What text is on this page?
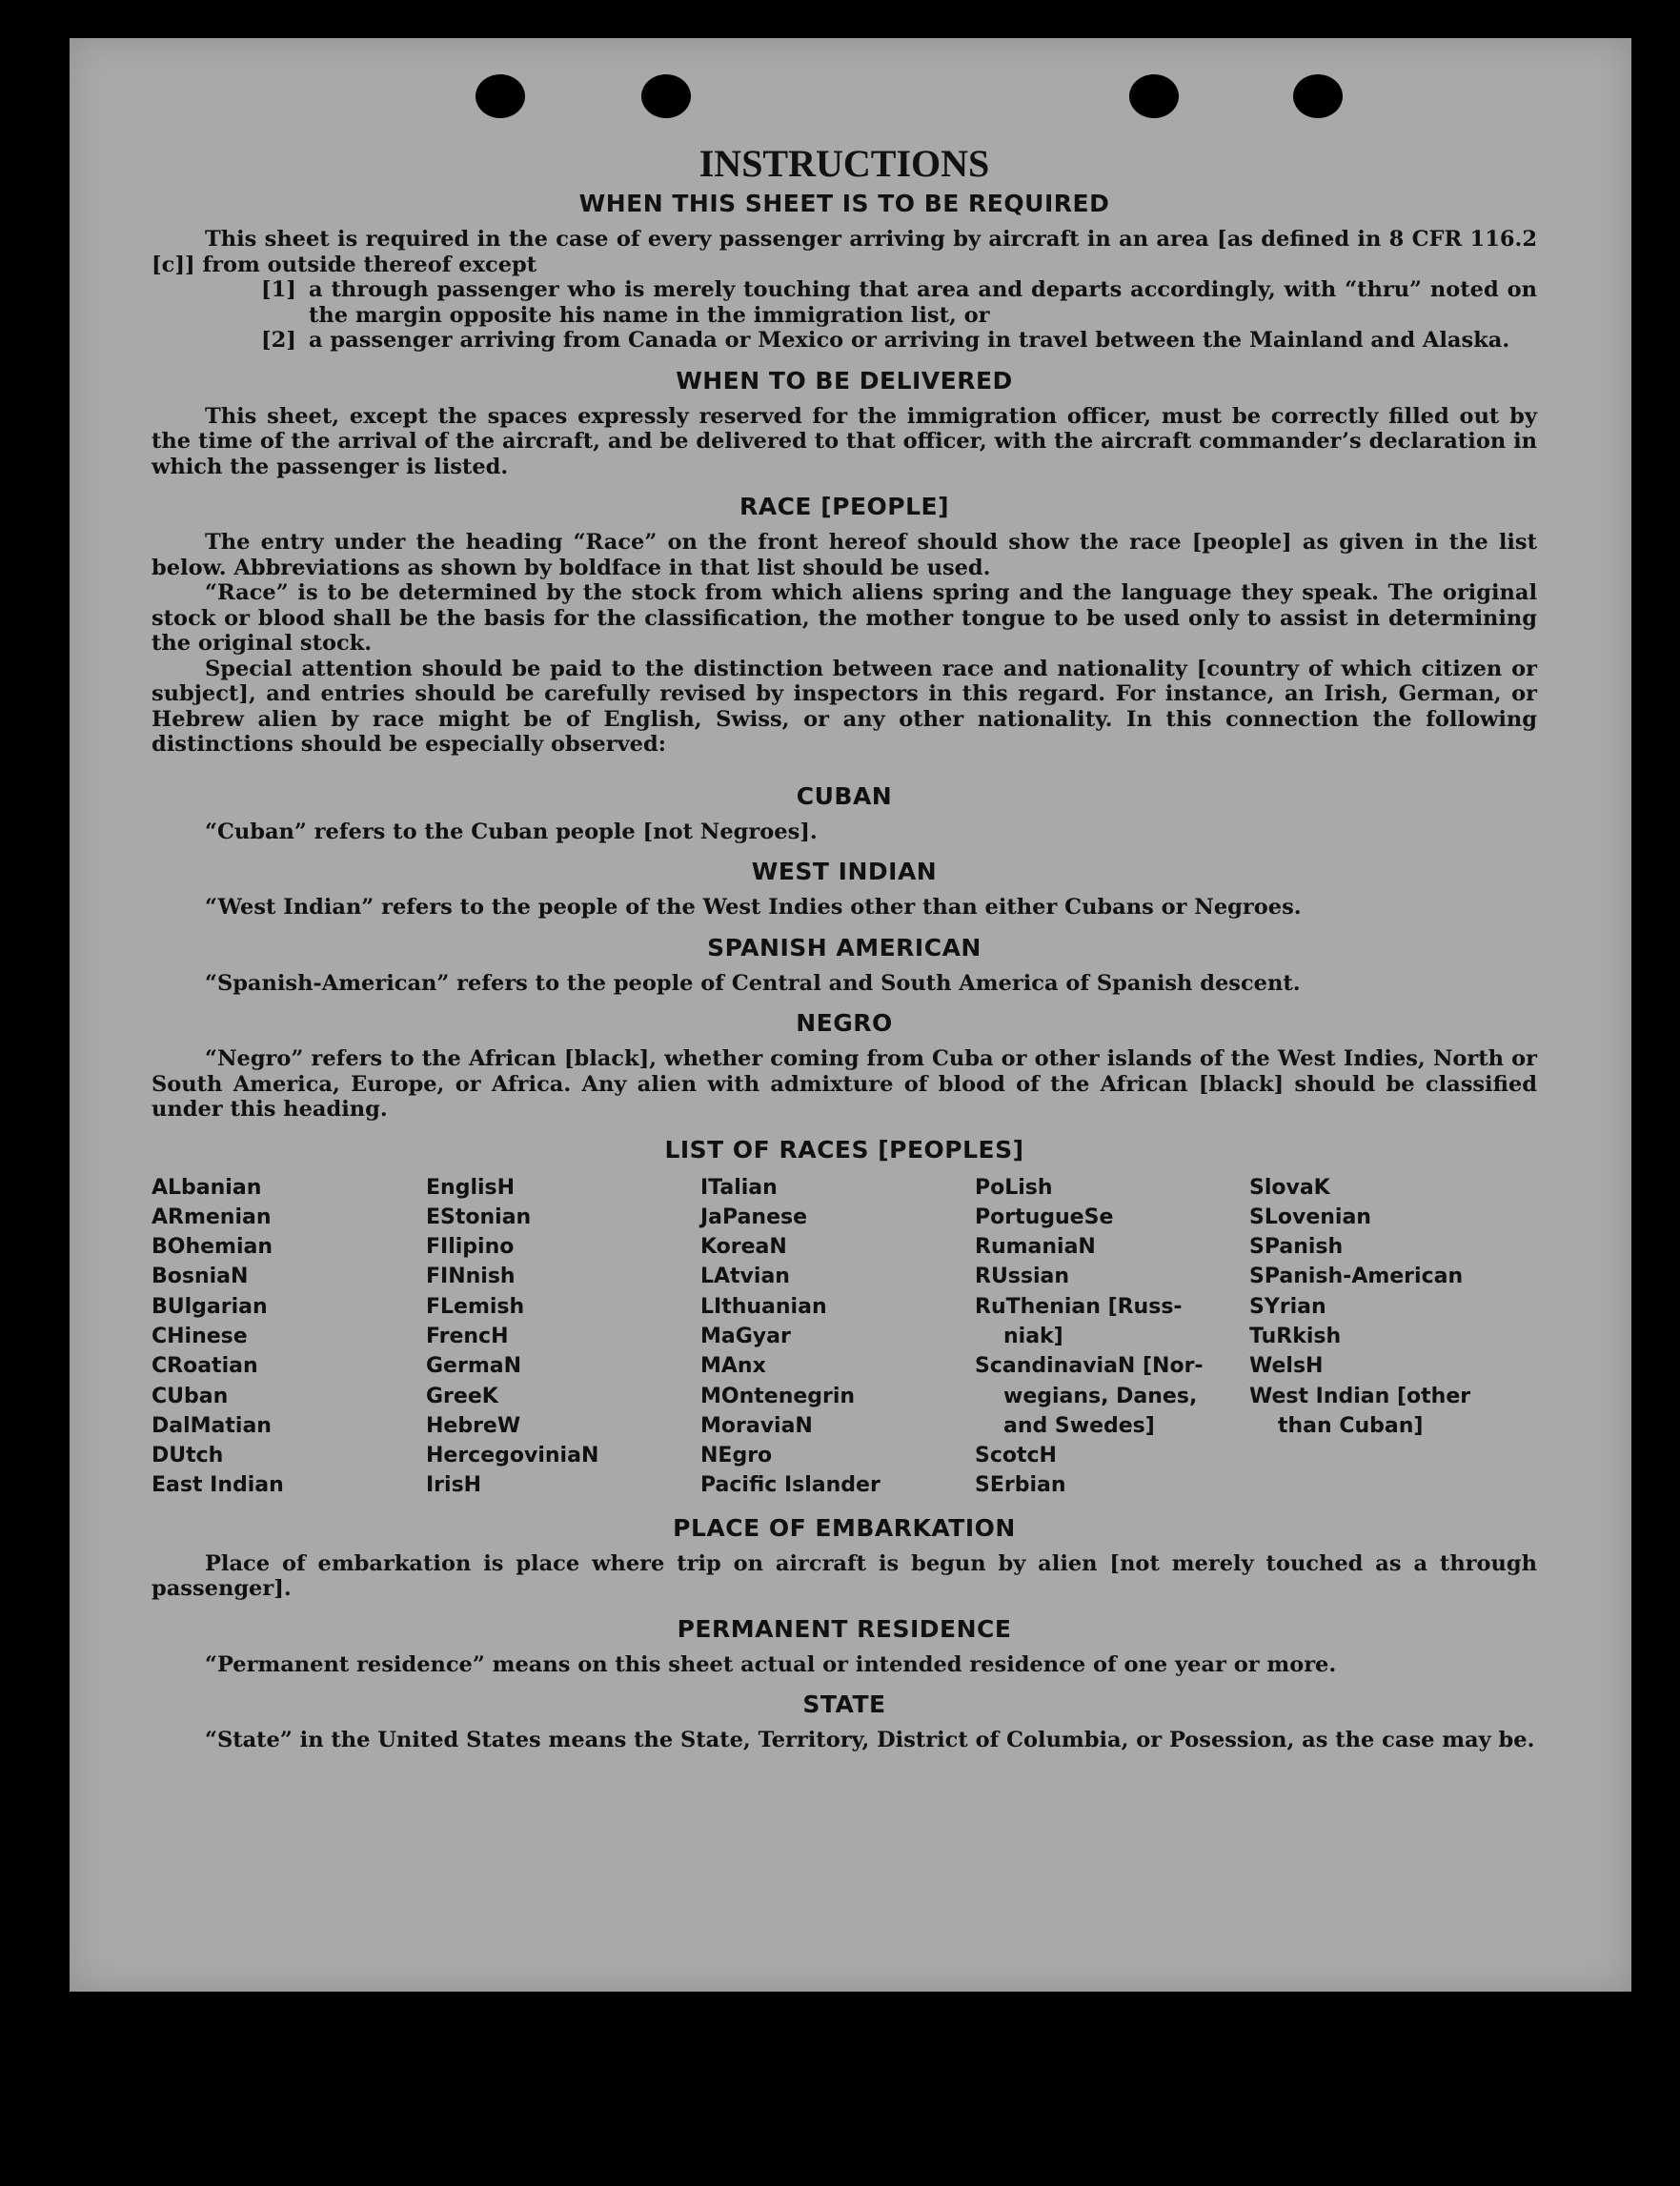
INSTRUCTIONS
WHEN THIS SHEET IS TO BE REQUIRED

This sheet is required in the case of every passenger arriving by aircraft in an area [as defined in 8 CFR 116.2 [c]] from outside thereof except

[1] a through passenger who is merely touching that area and departs accordingly, with “thru” noted on the margin opposite his name in the immigration list, or
[2] a passenger arriving from Canada or Mexico or arriving in travel between the Mainland and Alaska.
WHEN TO BE DELIVERED

This sheet, except the spaces expressly reserved for the immigration officer, must be correctly filled out by the time of the arrival of the aircraft, and be delivered to that officer, with the aircraft commander’s declaration in which the passenger is listed.

RACE [PEOPLE]

The entry under the heading “Race” on the front hereof should show the race [people] as given in the list below. Abbreviations as shown by boldface in that list should be used.

“Race” is to be determined by the stock from which aliens spring and the language they speak. The original stock or blood shall be the basis for the classification, the mother tongue to be used only to assist in determining the original stock.

Special attention should be paid to the distinction between race and nationality [country of which citizen or subject], and entries should be carefully revised by inspectors in this regard. For instance, an Irish, German, or Hebrew alien by race might be of English, Swiss, or any other nationality. In this connection the following distinctions should be especially observed:

CUBAN

“Cuban” refers to the Cuban people [not Negroes].

WEST INDIAN

“West Indian” refers to the people of the West Indies other than either Cubans or Negroes.

SPANISH AMERICAN

“Spanish-American” refers to the people of Central and South America of Spanish descent.

NEGRO

“Negro” refers to the African [black], whether coming from Cuba or other islands of the West Indies, North or South America, Europe, or Africa. Any alien with admixture of blood of the African [black] should be classified under this heading.

LIST OF RACES [PEOPLES]
ALbanian
ARmenian
BOhemian
BosniaN
BUlgarian
CHinese
CRoatian
CUban
DalMatian
DUtch
East Indian
EnglisH
EStonian
FIlipino
FINnish
FLemish
FrencH
GermaN
GreeK
HebreW
HercegoviniaN
IrisH
ITalian
JaPanese
KoreaN
LAtvian
LIthuanian
MaGyar
MAnx
MOntenegrin
MoraviaN
NEgro
Pacific Islander
PoLish
PortugueSe
RumaniaN
RUssian
RuThenian [Russ-
niak]
ScandinaviaN [Nor-
wegians, Danes,
and Swedes]
ScotcH
SErbian
SlovaK
SLovenian
SPanish
SPanish-American
SYrian
TuRkish
WelsH
West Indian [other
than Cuban]
PLACE OF EMBARKATION

Place of embarkation is place where trip on aircraft is begun by alien [not merely touched as a through passenger].

PERMANENT RESIDENCE

“Permanent residence” means on this sheet actual or intended residence of one year or more.

STATE

“State” in the United States means the State, Territory, District of Columbia, or Posession, as the case may be.
